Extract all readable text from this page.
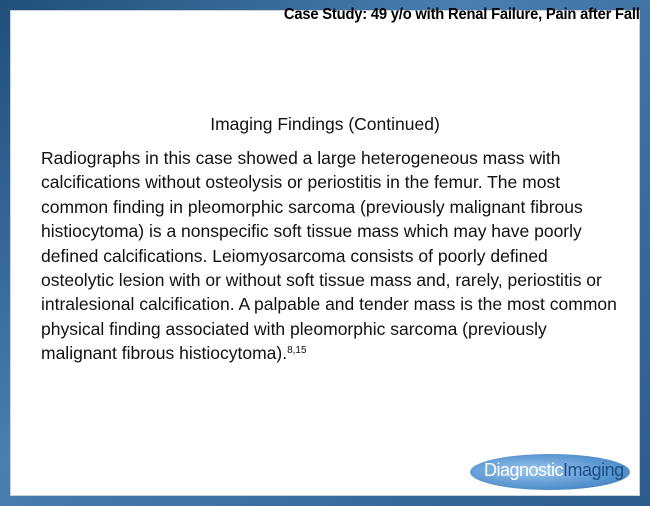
Case Study: 49 y/o with Renal Failure, Pain after Fall
Imaging Findings (Continued)
Radiographs in this case showed a large heterogeneous mass with calcifications without osteolysis or periostitis in the femur. The most common finding in pleomorphic sarcoma (previously malignant fibrous histiocytoma) is a nonspecific soft tissue mass which may have poorly defined calcifications. Leiomyosarcoma consists of poorly defined osteolytic lesion with or without soft tissue mass and, rarely, periostitis or intralesional calcification. A palpable and tender mass is the most common physical finding associated with pleomorphic sarcoma (previously malignant fibrous histiocytoma).$^{8,15}$
DiagnosticImaging
